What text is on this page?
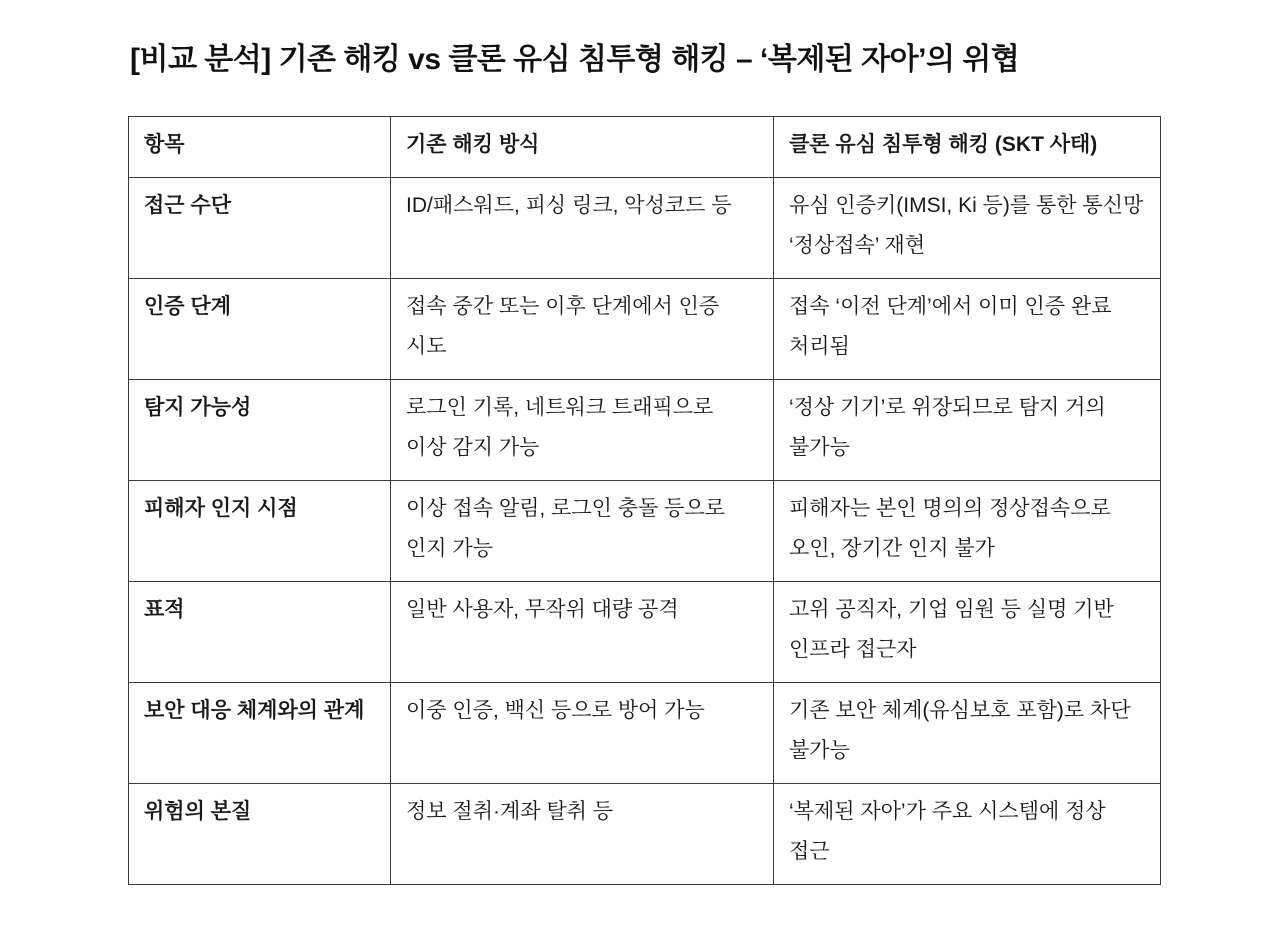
[비교 분석] 기존 해킹 vs 클론 유심 침투형 해킹 – ‘복제된 자아’의 위협
항목	기존 해킹 방식	클론 유심 침투형 해킹 (SKT 사태)
접근 수단	ID/패스워드, 피싱 링크, 악성코드 등	유심 인증키(IMSI, Ki 등)를 통한 통신망 ‘정상접속’ 재현
인증 단계	접속 중간 또는 이후 단계에서 인증 시도	접속 ‘이전 단계’에서 이미 인증 완료 처리됨
탐지 가능성	로그인 기록, 네트워크 트래픽으로 이상 감지 가능	‘정상 기기’로 위장되므로 탐지 거의 불가능
피해자 인지 시점	이상 접속 알림, 로그인 충돌 등으로 인지 가능	피해자는 본인 명의의 정상접속으로 오인, 장기간 인지 불가
표적	일반 사용자, 무작위 대량 공격	고위 공직자, 기업 임원 등 실명 기반 인프라 접근자
보안 대응 체계와의 관계	이중 인증, 백신 등으로 방어 가능	기존 보안 체계(유심보호 포함)로 차단 불가능
위험의 본질	정보 절취·계좌 탈취 등	‘복제된 자아’가 주요 시스템에 정상 접근
